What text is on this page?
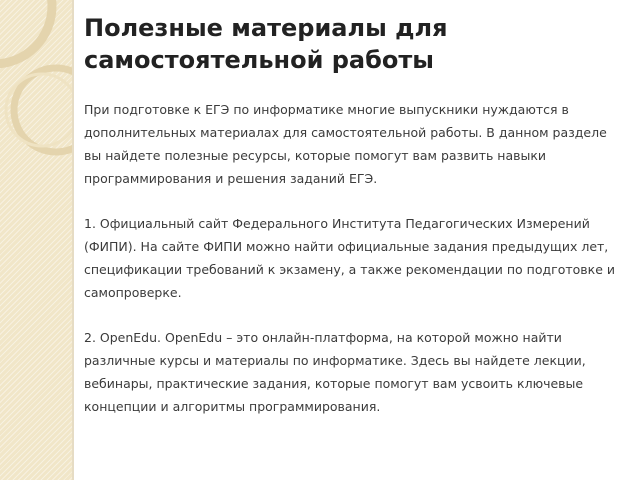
Полезные материалы для самостоятельной работы

При подготовке к ЕГЭ по информатике многие выпускники нуждаются в дополнительных материалах для самостоятельной работы. В данном разделе вы найдете полезные ресурсы, которые помогут вам развить навыки программирования и решения заданий ЕГЭ.

1. Официальный сайт Федерального Института Педагогических Измерений (ФИПИ). На сайте ФИПИ можно найти официальные задания предыдущих лет, спецификации требований к экзамену, а также рекомендации по подготовке и самопроверке.

2. OpenEdu. OpenEdu – это онлайн-платформа, на которой можно найти различные курсы и материалы по информатике. Здесь вы найдете лекции, вебинары, практические задания, которые помогут вам усвоить ключевые концепции и алгоритмы программирования.
